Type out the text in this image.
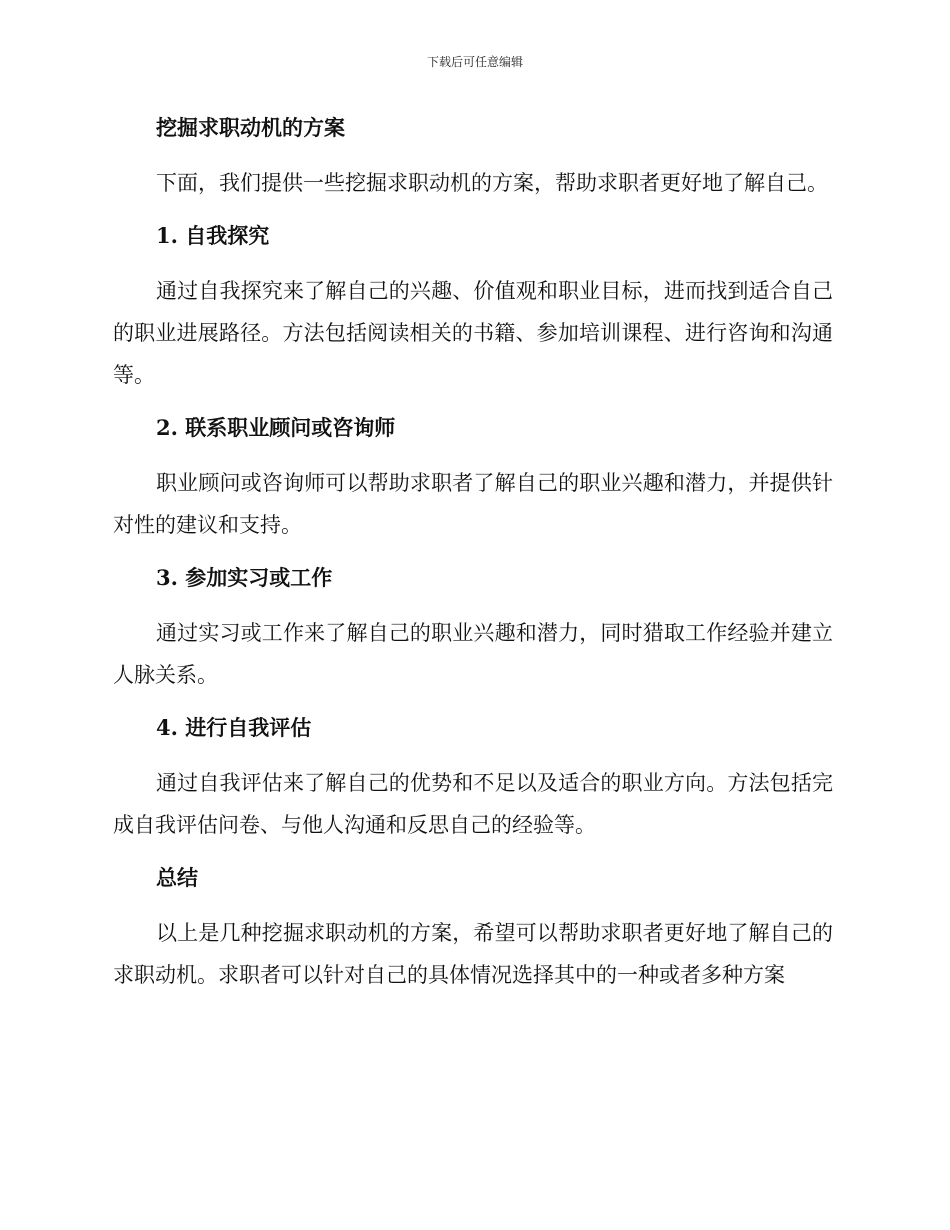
下载后可任意编辑
挖掘求职动机的方案

下面，我们提供一些挖掘求职动机的方案，帮助求职者更好地了解自己。

1. 自我探究

通过自我探究来了解自己的兴趣、价值观和职业目标，进而找到适合自己的职业进展路径。方法包括阅读相关的书籍、参加培训课程、进行咨询和沟通等。

2. 联系职业顾问或咨询师

职业顾问或咨询师可以帮助求职者了解自己的职业兴趣和潜力，并提供针对性的建议和支持。

3. 参加实习或工作

通过实习或工作来了解自己的职业兴趣和潜力，同时猎取工作经验并建立人脉关系。

4. 进行自我评估

通过自我评估来了解自己的优势和不足以及适合的职业方向。方法包括完成自我评估问卷、与他人沟通和反思自己的经验等。

总结

以上是几种挖掘求职动机的方案，希望可以帮助求职者更好地了解自己的求职动机。求职者可以针对自己的具体情况选择其中的一种或者多种方案
